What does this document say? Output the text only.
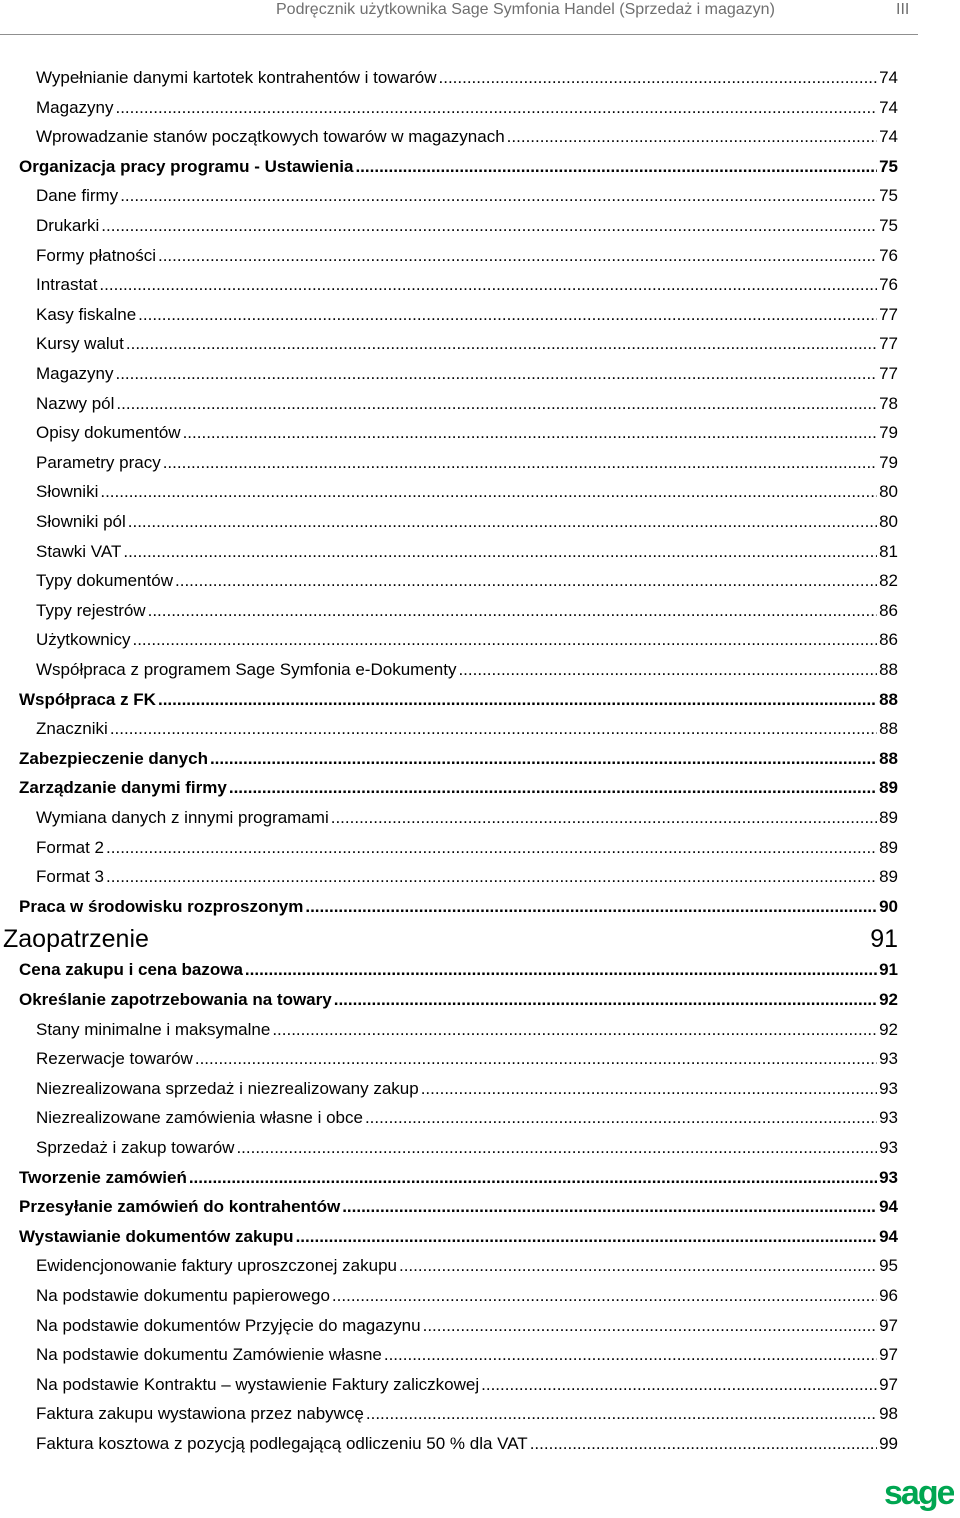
Podręcznik użytkownika Sage Symfonia Handel (Sprzedaż i magazyn)	III
Wypełnianie danymi kartotek kontrahentów i towarów .....	74
Magazyny .....	74
Wprowadzanie stanów początkowych towarów w magazynach .....	74
Organizacja pracy programu - Ustawienia .....	75
Dane firmy .....	75
Drukarki .....	75
Formy płatności .....	76
Intrastat .....	76
Kasy fiskalne .....	77
Kursy walut .....	77
Magazyny .....	77
Nazwy pól .....	78
Opisy dokumentów .....	79
Parametry pracy .....	79
Słowniki .....	80
Słowniki pól .....	80
Stawki VAT .....	81
Typy dokumentów .....	82
Typy rejestrów .....	86
Użytkownicy .....	86
Współpraca z programem Sage Symfonia e-Dokumenty .....	88
Współpraca z FK .....	88
Znaczniki .....	88
Zabezpieczenie danych .....	88
Zarządzanie danymi firmy .....	89
Wymiana danych z innymi programami .....	89
Format 2 .....	89
Format 3 .....	89
Praca w środowisku rozproszonym .....	90
Zaopatrzenie	91
Cena zakupu i cena bazowa .....	91
Określanie zapotrzebowania na towary .....	92
Stany minimalne i maksymalne .....	92
Rezerwacje towarów .....	93
Niezrealizowana sprzedaż i niezrealizowany zakup .....	93
Niezrealizowane zamówienia własne i obce .....	93
Sprzedaż i zakup towarów .....	93
Tworzenie zamówień .....	93
Przesyłanie zamówień do kontrahentów .....	94
Wystawianie dokumentów zakupu .....	94
Ewidencjonowanie faktury uproszczonej zakupu .....	95
Na podstawie dokumentu papierowego .....	96
Na podstawie dokumentów Przyjęcie do magazynu .....	97
Na podstawie dokumentu Zamówienie własne .....	97
Na podstawie Kontraktu – wystawienie Faktury zaliczkowej .....	97
Faktura zakupu wystawiona przez nabywcę .....	98
Faktura kosztowa z pozycją podlegającą odliczeniu 50 % dla VAT .....	99
sage
